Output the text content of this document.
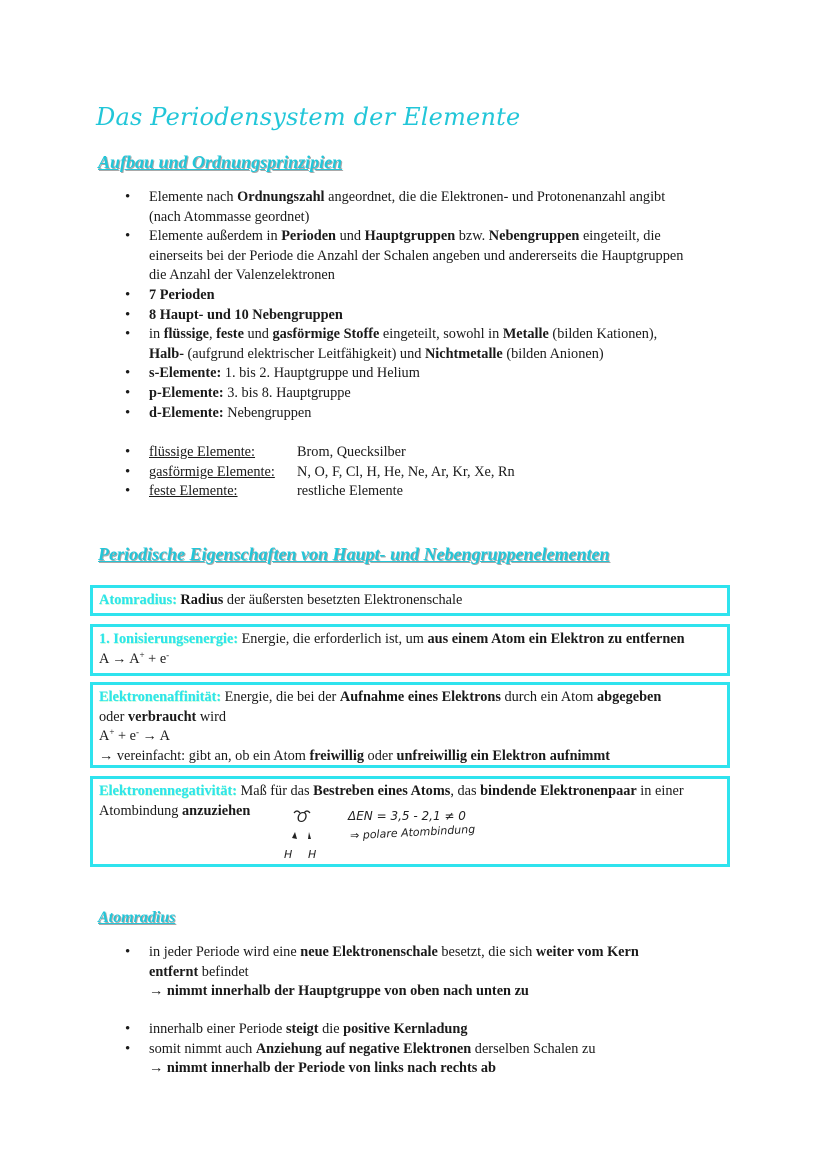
Das Periodensystem der Elemente
Aufbau und Ordnungsprinzipien
• Elemente nach Ordnungszahl angeordnet, die die Elektronen- und Protonenanzahl angibt
(nach Atommasse geordnet)
• Elemente außerdem in Perioden und Hauptgruppen bzw. Nebengruppen eingeteilt, die
einerseits bei der Periode die Anzahl der Schalen angeben und andererseits die Hauptgruppen
die Anzahl der Valenzelektronen
• 7 Perioden
• 8 Haupt- und 10 Nebengruppen
• in flüssige, feste und gasförmige Stoffe eingeteilt, sowohl in Metalle (bilden Kationen),
Halb- (aufgrund elektrischer Leitfähigkeit) und Nichtmetalle (bilden Anionen)
• s-Elemente: 1. bis 2. Hauptgruppe und Helium
• p-Elemente: 3. bis 8. Hauptgruppe
• d-Elemente: Nebengruppen
• flüssige Elemente:	Brom, Quecksilber
• gasförmige Elemente:	N, O, F, Cl, H, He, Ne, Ar, Kr, Xe, Rn
• feste Elemente:	restliche Elemente
Periodische Eigenschaften von Haupt- und Nebengruppenelementen
Atomradius: Radius der äußersten besetzten Elektronenschale
1. Ionisierungsenergie: Energie, die erforderlich ist, um aus einem Atom ein Elektron zu entfernen
A → A+ + e-
Elektronenaffinität: Energie, die bei der Aufnahme eines Elektrons durch ein Atom abgegeben
oder verbraucht wird
A+ + e- → A
→ vereinfacht: gibt an, ob ein Atom freiwillig oder unfreiwillig ein Elektron aufnimmt
Elektronennegativität: Maß für das Bestreben eines Atoms, das bindende Elektronenpaar in einer
Atombindung anzuziehen	O
H H
ΔEN = 3,5 - 2,1 ≠ 0
⇒ polare Atombindung
Atomradius
• in jeder Periode wird eine neue Elektronenschale besetzt, die sich weiter vom Kern
entfernt befindet
→ nimmt innerhalb der Hauptgruppe von oben nach unten zu
• innerhalb einer Periode steigt die positive Kernladung
• somit nimmt auch Anziehung auf negative Elektronen derselben Schalen zu
→ nimmt innerhalb der Periode von links nach rechts ab
